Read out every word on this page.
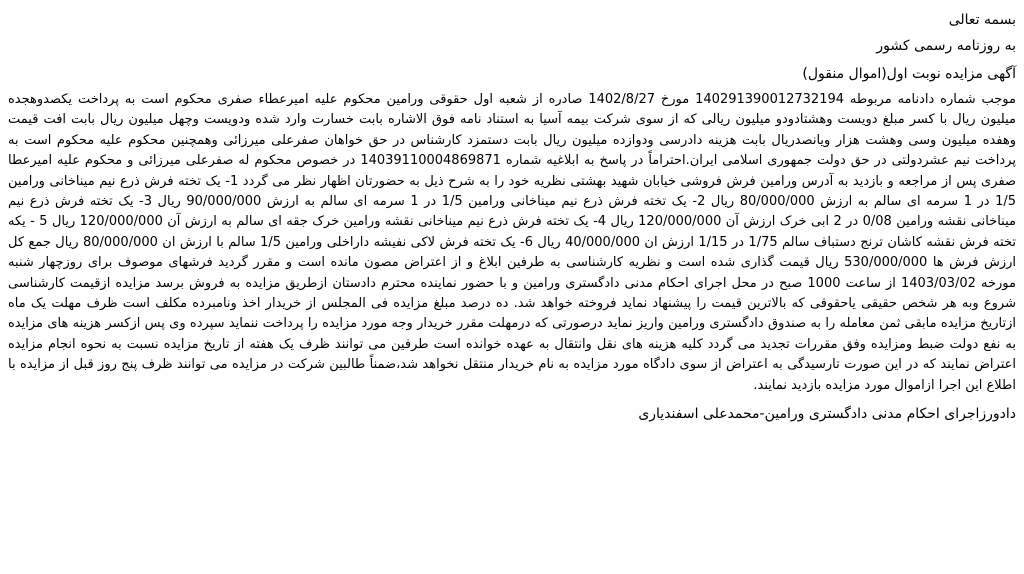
بسمه تعالی
به روزنامه رسمی کشور
آگهی مزایده نوبت اول(اموال منقول)
موجب شماره دادنامه مربوطه 140291390012732194 مورخ 1402/8/27 صادره از شعبه اول حقوقی ورامین محکوم علیه امیرعطاء صفری محکوم است به پرداخت یکصدوهجده میلیون ریال با کسر مبلغ دویست وهشتادودو میلیون ریالی که از سوی شرکت بیمه آسیا به استناد نامه فوق الاشاره بابت خسارت وارد شده ودویست وچهل میلیون ریال بابت افت قیمت وهفده میلیون وسی وهشت هزار ویانصدریال بابت هزینه دادرسی ودوازده میلیون ریال بابت دستمزد کارشناس در حق خواهان صفرعلی میرزائی وهمچنین محکوم علیه محکوم است به پرداخت نیم عشردولتی در حق دولت جمهوری اسلامی ایران.احتراماً در پاسخ به ابلاغیه شماره 14039110004869871 در خصوص محکوم له صفرعلی میرزائی و محکوم علیه امیرعطا صفری پس از مراجعه و بازدید به آدرس ورامین فرش فروشی خیابان شهید بهشتی نظریه خود را به شرح ذیل به حضورتان اظهار نظر می گردد 1- یک تخته فرش ذرع نیم میناخانی ورامین 1/5 در 1 سرمه ای سالم به ارزش 80/000/000 ریال 2- یک تخته فرش ذرع نیم میناخانی ورامین 1/5 در 1 سرمه ای سالم به ارزش 90/000/000 ریال 3- یک تخته فرش ذرع نیم میناخانی نقشه ورامین 0/08 در 2 ابی خرک ارزش آن 120/000/000 ریال 4- یک تخته فرش ذرع نیم میناخانی نقشه ورامین خرک جقه ای سالم به ارزش آن 120/000/000 ریال 5 - یکه تخته فرش نقشه کاشان ترنج دستباف سالم 1/75 در 1/15 ارزش ان 40/000/000 ریال 6- یک تخته فرش لاکی نفیشه داراخلی ورامین 1/5 سالم با ارزش ان 80/000/000 ریال جمع کل ارزش فرش ها 530/000/000 ریال قیمت گذاری شده است و نظریه کارشناسی به طرفین ابلاغ و از اعتراض مصون مانده است و مقرر گردید فرشهای موصوف برای روزچهار شنبه مورخه 1403/03/02 از ساعت 1000 صبح در محل اجرای احکام مدنی دادگستری ورامین و با حضور نماینده محترم دادستان ازطریق مزایده به فروش برسد مزایده ازقیمت کارشناسی شروع وبه هر شخص حقیقی یاحقوقی که بالاترین قیمت را پیشنهاد نماید فروخته خواهد شد. ده درصد مبلغ مزایده فی المجلس از خریدار اخذ ونامبرده مکلف است ظرف مهلت یک ماه ازتاریخ مزایده مابقی ثمن معامله را به صندوق دادگستری ورامین واریز نماید درصورتی که درمهلت مقرر خریدار وجه مورد مزایده را پرداخت ننماید سپرده وی پس ازکسر هزینه های مزایده به نفع دولت ضبط ومزایده وفق مقررات تجدید می گردد کلیه هزینه های نقل وانتقال به عهده خوانده است طرفین می توانند ظرف یک هفته از تاریخ مزایده نسبت به نحوه انجام مزایده اعتراض نمایند که در این صورت تارسیدگی به اعتراض از سوی دادگاه مورد مزایده به نام خریدار منتقل نخواهد شد،ضمناً طالبین شرکت در مزایده می توانند ظرف پنج روز قبل از مزایده با اطلاع این اجرا ازاموال مورد مزایده بازدید نمایند.
دادورزاجرای احکام مدنی دادگستری ورامین-محمدعلی اسفندیاری
